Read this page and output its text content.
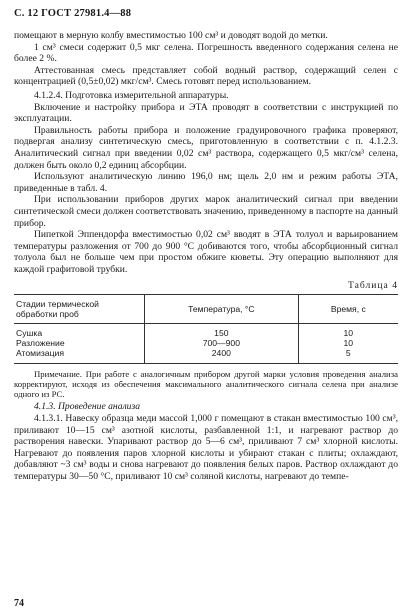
С. 12 ГОСТ 27981.4—88

помещают в мерную колбу вместимостью 100 см³ и доводят водой до метки.

1 см³ смеси содержит 0,5 мкг селена. Погрешность введенного содержания селена не более 2 %.

Аттестованная смесь представляет собой водный раствор, содержащий селен с концентрацией (0,5±0,02) мкг/см³. Смесь готовят перед использованием.

4.1.2.4. Подготовка измерительной аппаратуры.

Включение и настройку прибора и ЭТА проводят в соответствии с инструкцией по эксплуатации.

Правильность работы прибора и положение градуировочного графика проверяют, подвергая анализу синтетическую смесь, приготовленную в соответствии с п. 4.1.2.3. Аналитический сигнал при введении 0,02 см³ раствора, содержащего 0,5 мкг/см³ селена, должен быть около 0,2 единиц абсорбции.

Используют аналитическую линию 196,0 нм; щель 2,0 нм и режим работы ЭТА, приведенные в табл. 4.

При использовании приборов других марок аналитический сигнал при введении синтетической смеси должен соответствовать значению, приведенному в паспорте на данный прибор.

Пипеткой Эппендорфа вместимостью 0,02 см³ вводят в ЭТА толуол и варьированием температуры разложения от 700 до 900 °С добиваются того, чтобы абсорбционный сигнал толуола был не больше чем при простом обжиге кюветы. Эту операцию выполняют для каждой графитовой трубки.

Таблица 4
Стадии термической обработки проб	Температура, °С	Время, с
Сушка	150	10
Разложение	700—900	10
Атомизация	2400	5

Примечание. При работе с аналогичным прибором другой марки условия проведения анализа корректируют, исходя из обеспечения максимального аналитического сигнала селена при анализе одного из РС.

4.1.3. Проведение анализа

4.1.3.1. Навеску образца меди массой 1,000 г помещают в стакан вместимостью 100 см³, приливают 10—15 см³ азотной кислоты, разбавленной 1:1, и нагревают раствор до растворения навески. Упаривают раствор до 5—6 см³, приливают 7 см³ хлорной кислоты. Нагревают до появления паров хлорной кислоты и убирают стакан с плиты; охлаждают, добавляют ~3 см³ воды и снова нагревают до появления белых паров. Раствор охлаждают до температуры 30—50 °С, приливают 10 см³ соляной кислоты, нагревают до темпе-

74
